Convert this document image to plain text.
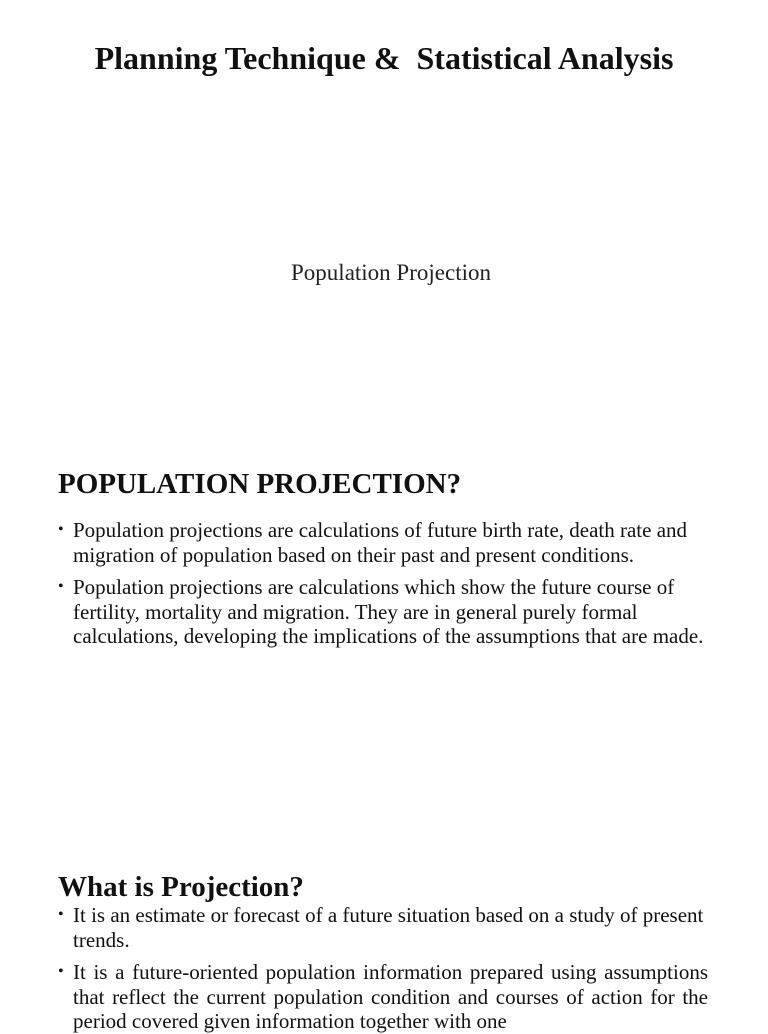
Planning Technique &  Statistical Analysis

Population Projection

POPULATION PROJECTION?
• Population projections are calculations of future birth rate, death rate and migration of population based on their past and present conditions.
• Population projections are calculations which show the future course of fertility, mortality and migration. They are in general purely formal calculations, developing the implications of the assumptions that are made.
What is Projection?
• It is an estimate or forecast of a future situation based on a study of present trends.
• It is a future-oriented population information prepared using assumptions that reflect the current population condition and courses of action for the period covered given information together with one
